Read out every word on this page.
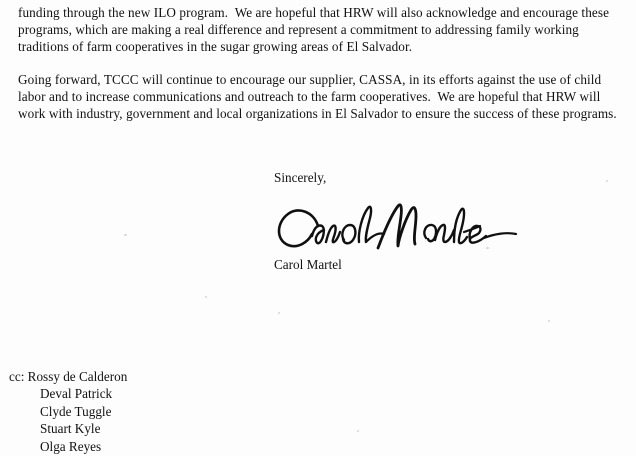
funding through the new ILO program.  We are hopeful that HRW will also acknowledge and encourage these programs, which are making a real difference and represent a commitment to addressing family working traditions of farm cooperatives in the sugar growing areas of El Salvador.

Going forward, TCCC will continue to encourage our supplier, CASSA, in its efforts against the use of child labor and to increase communications and outreach to the farm cooperatives.  We are hopeful that HRW will work with industry, government and local organizations in El Salvador to ensure the success of these programs.

Sincerely,
Carol Martel
cc: Rossy de Calderon
Deval Patrick
Clyde Tuggle
Stuart Kyle
Olga Reyes
